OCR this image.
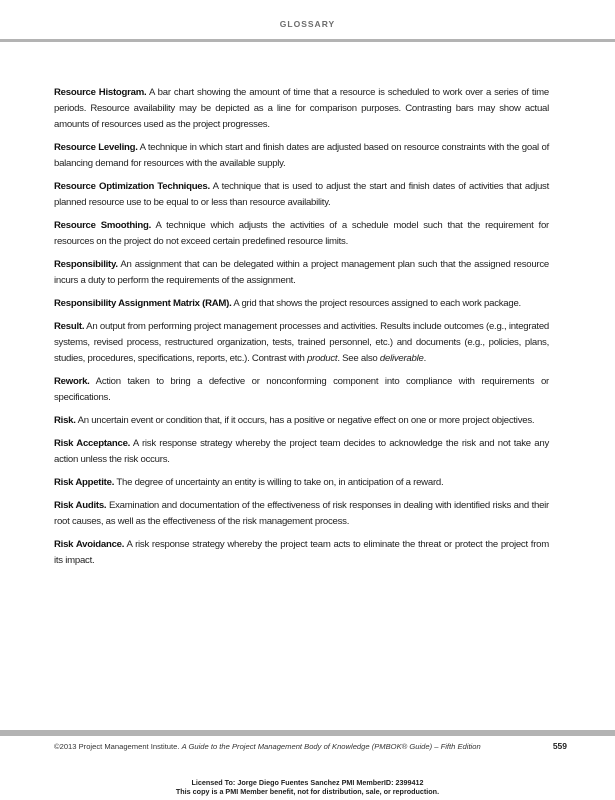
GLOSSARY

Resource Histogram. A bar chart showing the amount of time that a resource is scheduled to work over a series of time periods. Resource availability may be depicted as a line for comparison purposes. Contrasting bars may show actual amounts of resources used as the project progresses.

Resource Leveling. A technique in which start and finish dates are adjusted based on resource constraints with the goal of balancing demand for resources with the available supply.

Resource Optimization Techniques. A technique that is used to adjust the start and finish dates of activities that adjust planned resource use to be equal to or less than resource availability.

Resource Smoothing. A technique which adjusts the activities of a schedule model such that the requirement for resources on the project do not exceed certain predefined resource limits.

Responsibility. An assignment that can be delegated within a project management plan such that the assigned resource incurs a duty to perform the requirements of the assignment.

Responsibility Assignment Matrix (RAM). A grid that shows the project resources assigned to each work package.

Result. An output from performing project management processes and activities. Results include outcomes (e.g., integrated systems, revised process, restructured organization, tests, trained personnel, etc.) and documents (e.g., policies, plans, studies, procedures, specifications, reports, etc.). Contrast with product. See also deliverable.

Rework. Action taken to bring a defective or nonconforming component into compliance with requirements or specifications.

Risk. An uncertain event or condition that, if it occurs, has a positive or negative effect on one or more project objectives.

Risk Acceptance. A risk response strategy whereby the project team decides to acknowledge the risk and not take any action unless the risk occurs.

Risk Appetite. The degree of uncertainty an entity is willing to take on, in anticipation of a reward.

Risk Audits. Examination and documentation of the effectiveness of risk responses in dealing with identified risks and their root causes, as well as the effectiveness of the risk management process.

Risk Avoidance. A risk response strategy whereby the project team acts to eliminate the threat or protect the project from its impact.

©2013 Project Management Institute. A Guide to the Project Management Body of Knowledge (PMBOK® Guide) – Fifth Edition	559
Licensed To: Jorge Diego Fuentes Sanchez PMI MemberID: 2399412
This copy is a PMI Member benefit, not for distribution, sale, or reproduction.
